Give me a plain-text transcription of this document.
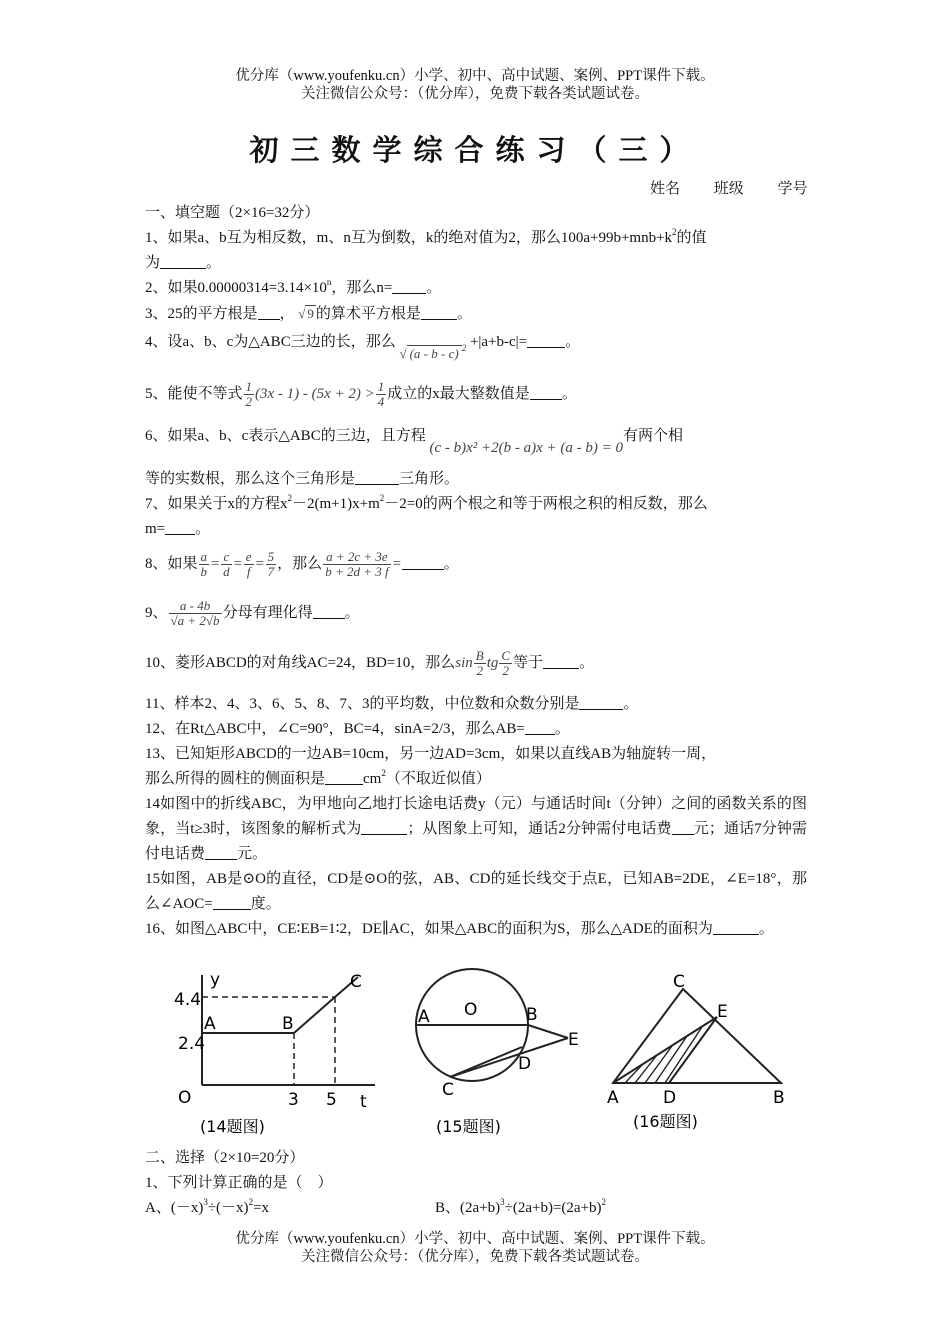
优分库（www.youfenku.cn）小学、初中、高中试题、案例、PPT课件下载。
关注微信公众号：（优分库），免费下载各类试题试卷。
初三数学综合练习（三）
姓名 班级 学号
一、填空题（2×16=32分）
1、如果a、b互为相反数，m、n互为倒数，k的绝对值为2，那么$100a+99b+mnb+k^2$的值
为	。
2、如果$0.00000314=3.14\times 10^n$，那么n= 。
3、25的平方根是 ， √ 9 的算术平方根是 。
4、设a、b、c为△ABC三边的长，那么 √ (a - b - c) $^2$ +|a+b-c|=	。
5、能使不等式 $\frac{1}{2} (3x - 1) - (5x + 2) > \frac{1}{4}$ 成立的x最大整数值是 。
6、如果a、b、c表示△ABC的三边，且方程 (c - b)x² +2(b - a)x + (a - b) = 0有两个相
等的实数根，那么这个三角形是	三角形。
7、如果关于x的方程$x^2-2(m+1)x+m^2-2=0$的两个根之和等于两根之积的相反数，那么
m= 。
8、如果 $\frac{a}{b} = \frac{c}{d} = \frac{e}{f} = \frac{5}{7}$ ，那么 $\frac{a + 2c + 3e}{b + 2d + 3 f}$ =	。
9、 $\frac{a - 4b}{√a + 2√b}$ 分母有理化得 。
10、菱形ABCD的对角线AC=24，BD=10，那么$\sin \frac{B}{2}$ tg $\frac{C}{2}$ 等于 。
11、样本2、4、3、6、5、8、7、3的平均数，中位数和众数分别是	。
12、在Rt△ABC中，∠C=90°，BC=4，sinA=2/3，那么AB= 。
13、已知矩形ABCD的一边AB=10cm，另一边AD=3cm，如果以直线AB为轴旋转一周，
那么所得的圆柱的侧面积是	$cm^2$（不取近似值）
14如图中的折线ABC，为甲地向乙地打长途电话费y（元）与通话时间t（分钟）之间的函数关系的图象，当t≥3时，该图象的解析式为	；从图象上可知，通话2分钟需付电话费 元；通话7分钟需付电话费 元。
15如图，AB是⊙O的直径，CD是⊙O的弦，AB、CD的延长线交于点E，已知AB=2DE，∠E=18°，那么∠AOC=	度。
16、如图△ABC中，CE∶EB=1∶2，DE∥AC，如果△ABC的面积为S，那么△ADE的面积为	。
y
t
O
4.4
2.4
3 5
A	B
C
(14题图)
A O	B
E
D
C
(15题图)
C
E
A	D	B
(16题图)
二、选择（2×10=20分）
1、下列计算正确的是（　）
A、$(-x)^3\div(-x)^2=x$	B、$(2a+b)^3\div(2a+b)=(2a+b)^2$
优分库（www.youfenku.cn）小学、初中、高中试题、案例、PPT课件下载。
关注微信公众号：（优分库），免费下载各类试题试卷。
